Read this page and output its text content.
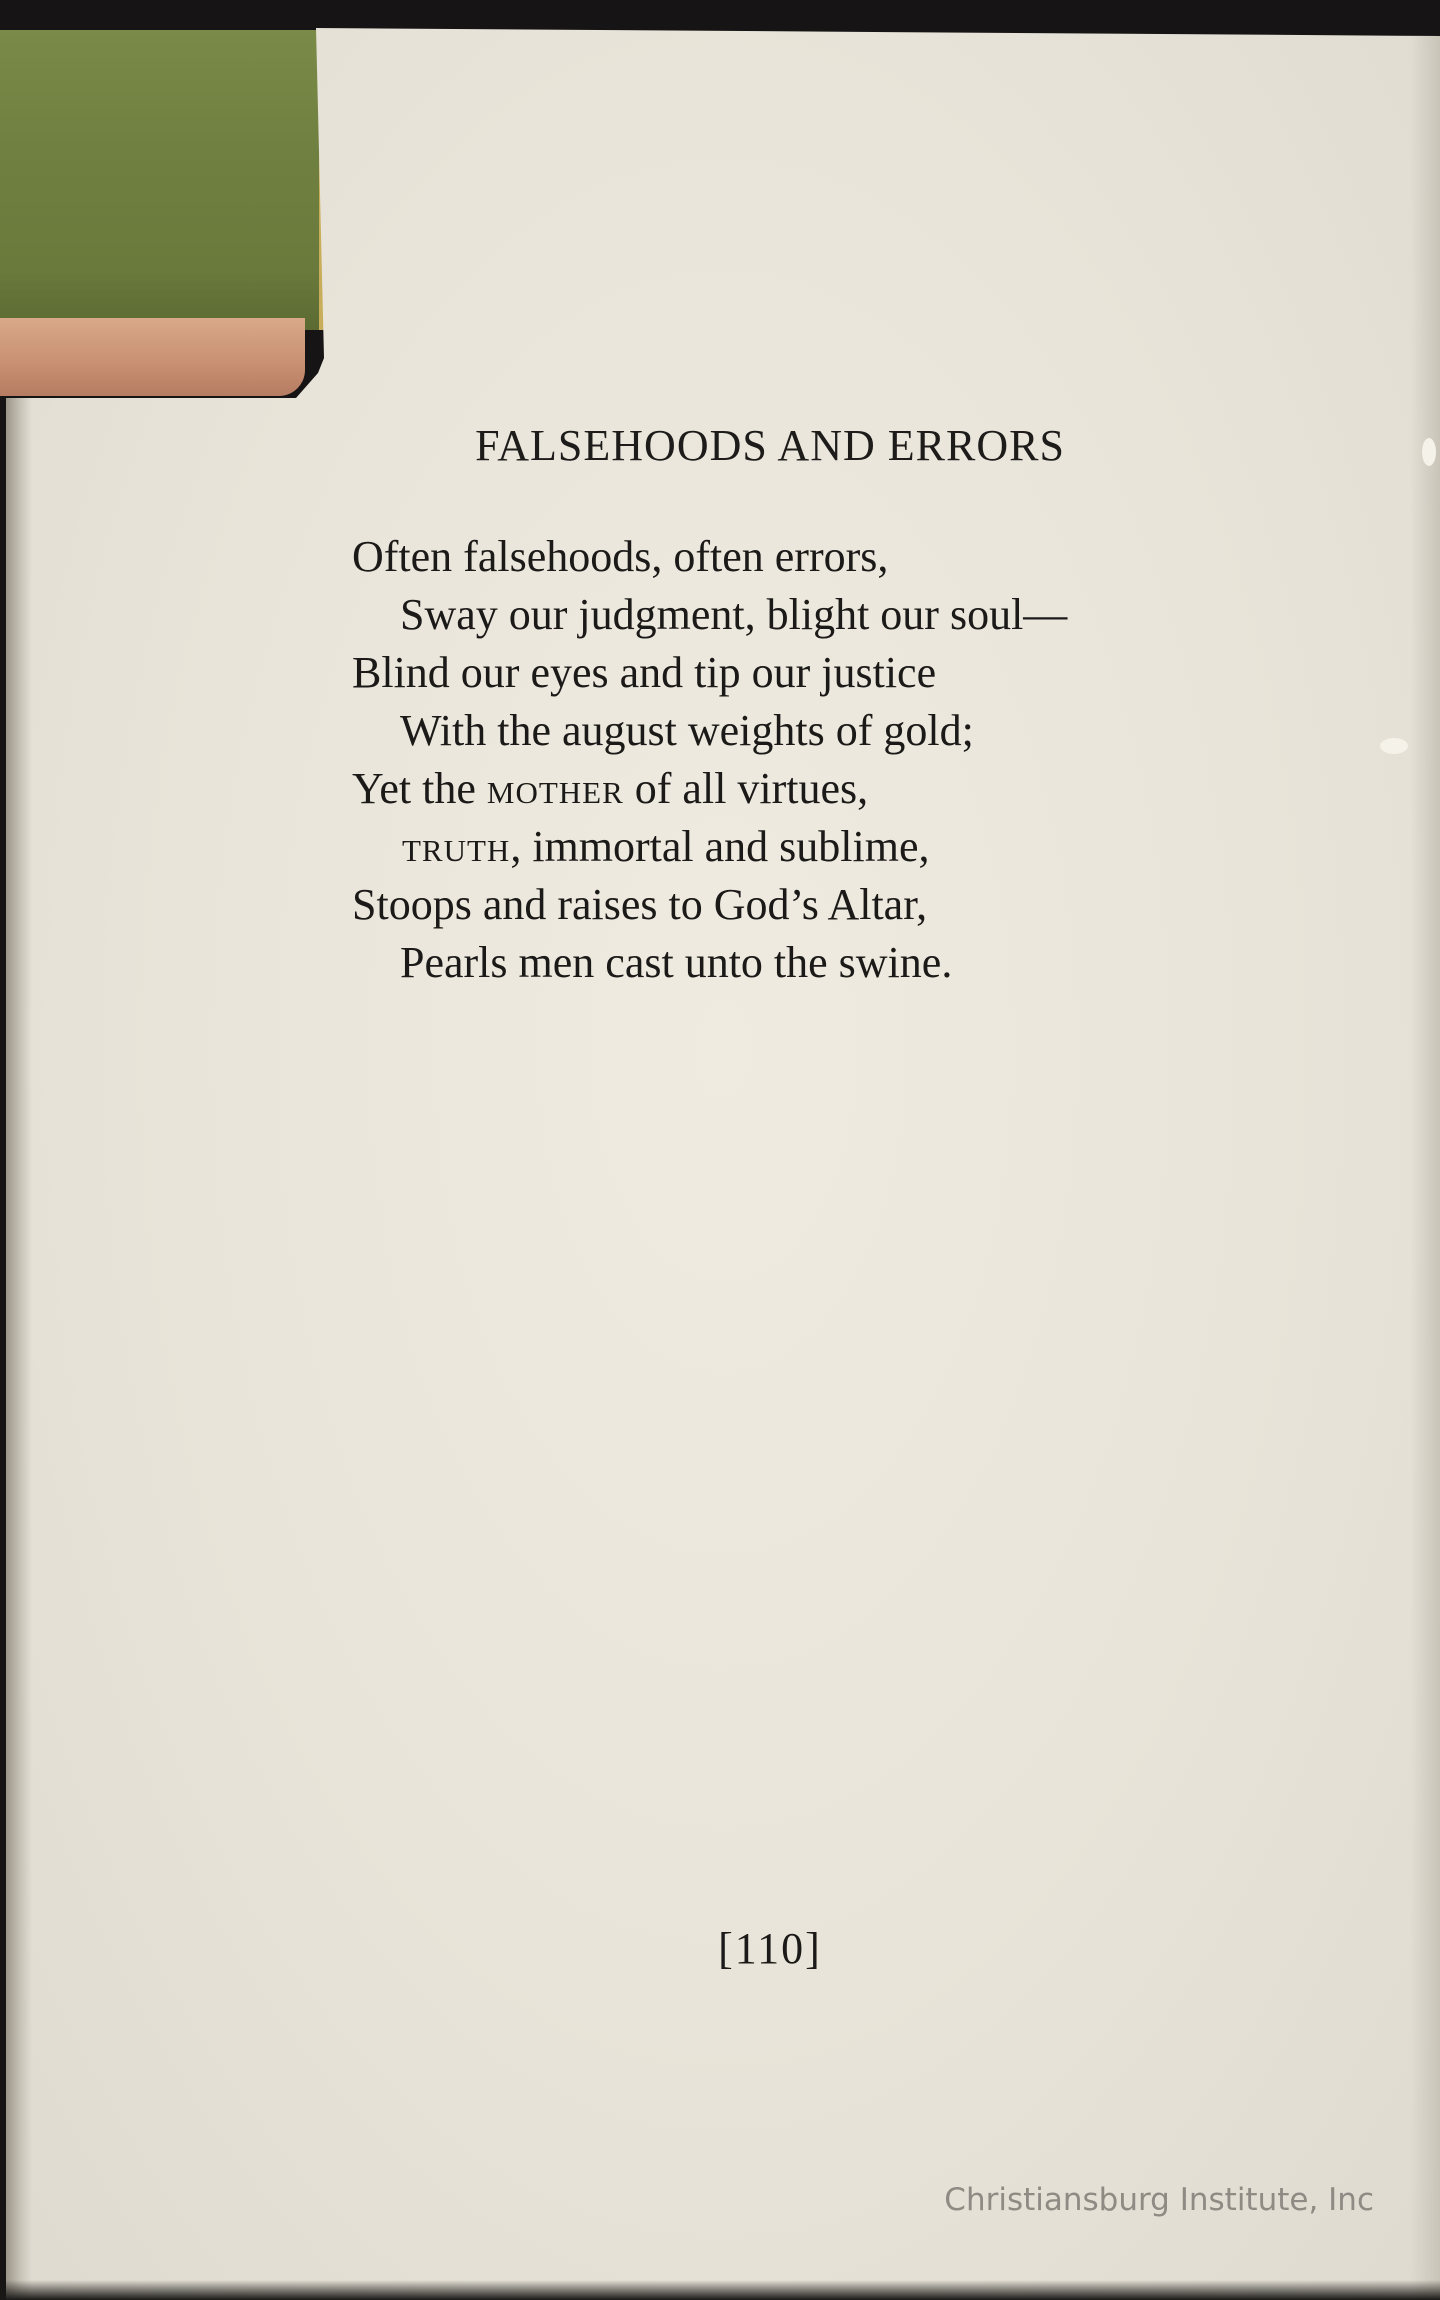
FALSEHOODS AND ERRORS
Often falsehoods, often errors,
Sway our judgment, blight our soul—
Blind our eyes and tip our justice
With the august weights of gold;
Yet the mother of all virtues,
truth, immortal and sublime,
Stoops and raises to God’s Altar,
Pearls men cast unto the swine.
[110]
Christiansburg Institute, Inc
